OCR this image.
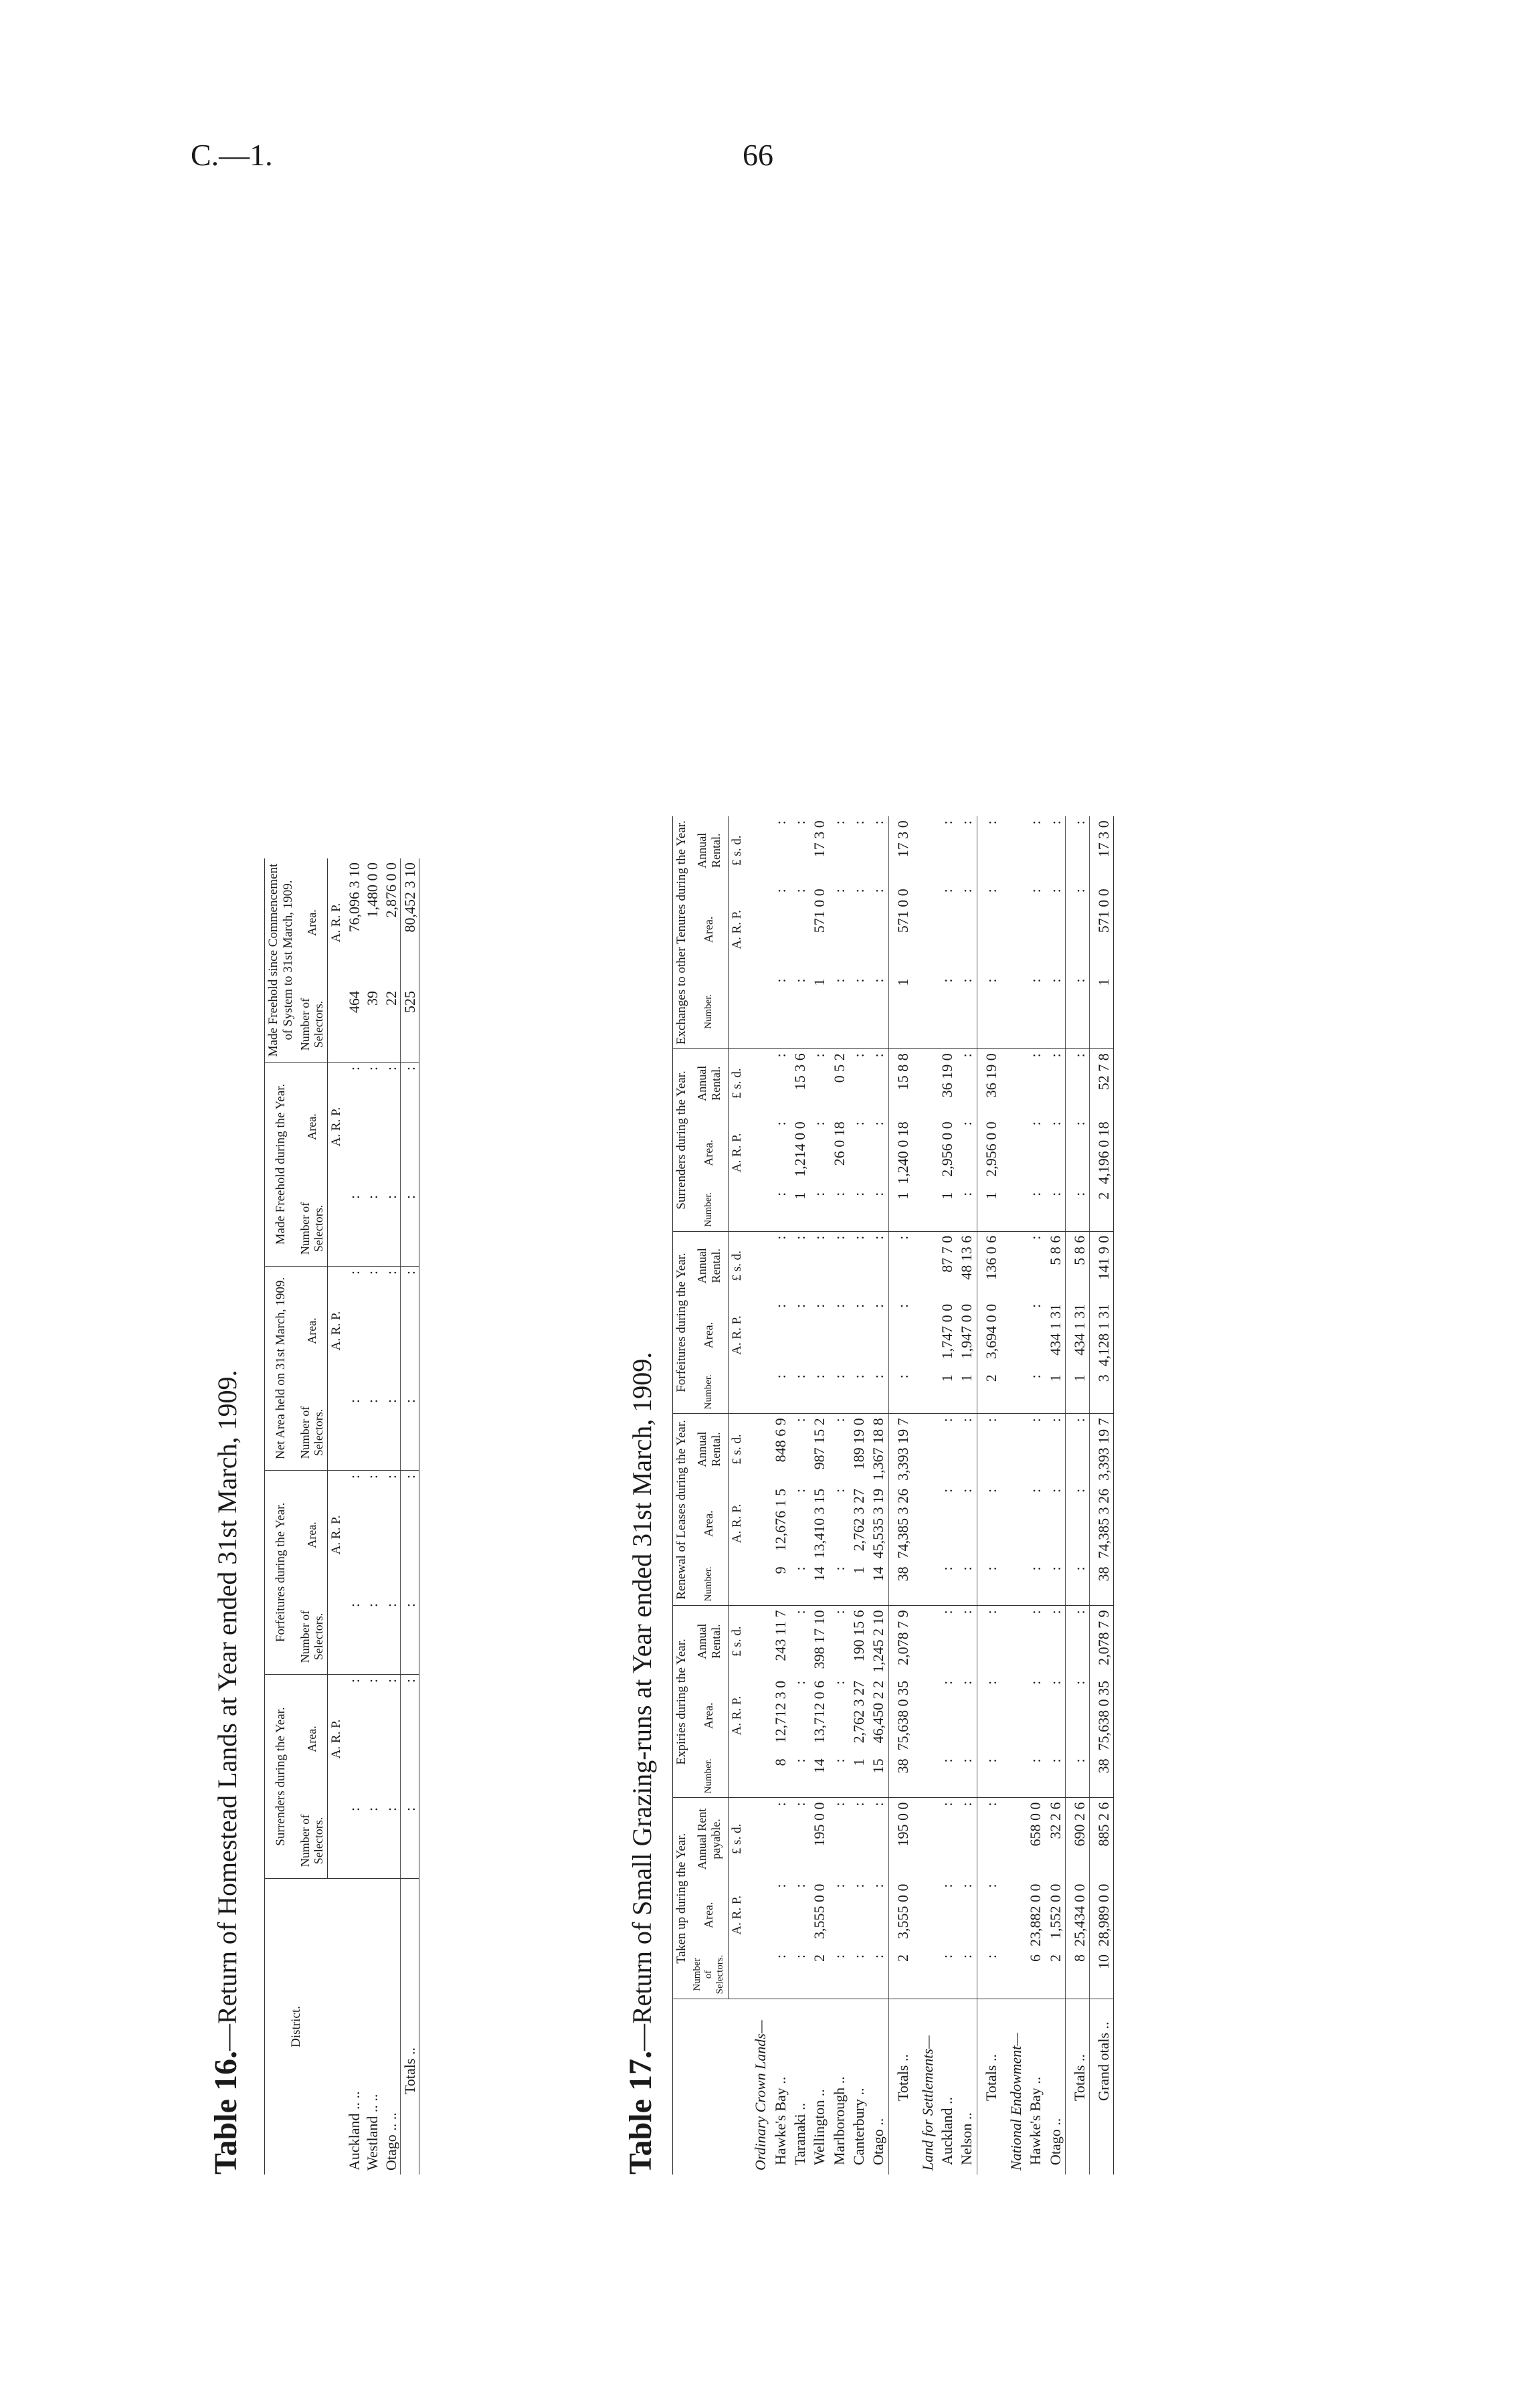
C.—1.	66

Table 16.—Return of Homestead Lands at Year ended 31st March, 1909.	District.	Surrenders during the Year.		Forfeitures during the Year.		Net Area held on 31st March, 1909.		Made Freehold during the Year.		Made Freehold since Commencement of System to 31st March, 1909.	
	Number of Selectors.	Area.	Number of Selectors.	Area.	Number of Selectors.	Area.	Number of Selectors.	Area.	Number of Selectors.	Area.
		A. R. P.		A. R. P.		A. R. P.		A. R. P.		A. R. P.
Auckland .. ..	:	:	:	:	:	:	:	:	464	76,096 3 10
Westland .. ..	:	:	:	:	:	:	:	:	39	1,480 0 0
Otago .. ..	:	:	:	:	:	:	:	:	22	2,876 0 0
Totals ..	:	:	:	:	:	:	:	:	525	80,452 3 10

Table 17.—Return of Small Grazing-runs at Year ended 31st March, 1909.

	Taken up during the Year.			Expiries during the Year.			Renewal of Leases during the Year.			Forfeitures during the Year.			Surrenders during the Year.			Exchanges to other Tenures during the Year.		
	Number of Selectors.	Area.	Annual Rent payable.	Number.	Area.	Annual Rental.	Number.	Area.	Annual Rental.	Number.	Area.	Annual Rental.	Number.	Area.	Annual Rental.	Number.	Area.	Annual Rental.
		A. R. P.	£ s. d.		A. R. P.	£ s. d.		A. R. P.	£ s. d.		A. R. P.	£ s. d.		A. R. P.	£ s. d.		A. R. P.	£ s. d.
Ordinary Crown Lands—																		
Hawke's Bay ..	:	:	:	8	12,712 3 0	243 11 7	9	12,676 1 5	848 6 9	:	:	:	:	:	:	:	:	:
Taranaki ..	:	:	:	:	:	:	:	:	:	:	:	:	1	1,214 0 0	15 3 6	:	:	:
Wellington ..	2	3,555 0 0	195 0 0	14	13,712 0 6	398 17 10	14	13,410 3 15	987 15 2	:	:	:	:	:	:	1	571 0 0	17 3 0
Marlborough ..	:	:	:	:	:	:	:	:	:	:	:	:	:	26 0 18	0 5 2	:	:	:
Canterbury ..	:	:	:	1	2,762 3 27	190 15 6	1	2,762 3 27	189 19 0	:	:	:	:	:	:	:	:	:
Otago ..	:	:	:	15	46,450 2 2	1,245 2 10	14	45,535 3 19	1,367 18 8	:	:	:	:	:	:	:	:	:
Totals ..	2	3,555 0 0	195 0 0	38	75,638 0 35	2,078 7 9	38	74,385 3 26	3,393 19 7	:	:	:	1	1,240 0 18	15 8 8	1	571 0 0	17 3 0
Land for Settlements—																		
Auckland ..	:	:	:	:	:	:	:	:	:	1	1,747 0 0	87 7 0	1	2,956 0 0	36 19 0	:	:	:
Nelson ..	:	:	:	:	:	:	:	:	:	1	1,947 0 0	48 13 6	:	:	:	:	:	:
Totals ..	:	:	:	:	:	:	:	:	:	2	3,694 0 0	136 0 6	1	2,956 0 0	36 19 0	:	:	:
National Endowment—																		
Hawke's Bay ..	6	23,882 0 0	658 0 0	:	:	:	:	:	:	:	:	:	:	:	:	:	:	:
Otago ..	2	1,552 0 0	32 2 6	:	:	:	:	:	:	1	434 1 31	5 8 6	:	:	:	:	:	:
Totals ..	8	25,434 0 0	690 2 6	:	:	:	:	:	:	1	434 1 31	5 8 6	:	:	:	:	:	:
Grand otals ..	10	28,989 0 0	885 2 6	38	75,638 0 35	2,078 7 9	38	74,385 3 26	3,393 19 7	3	4,128 1 31	141 9 0	2	4,196 0 18	52 7 8	1	571 0 0	17 3 0
